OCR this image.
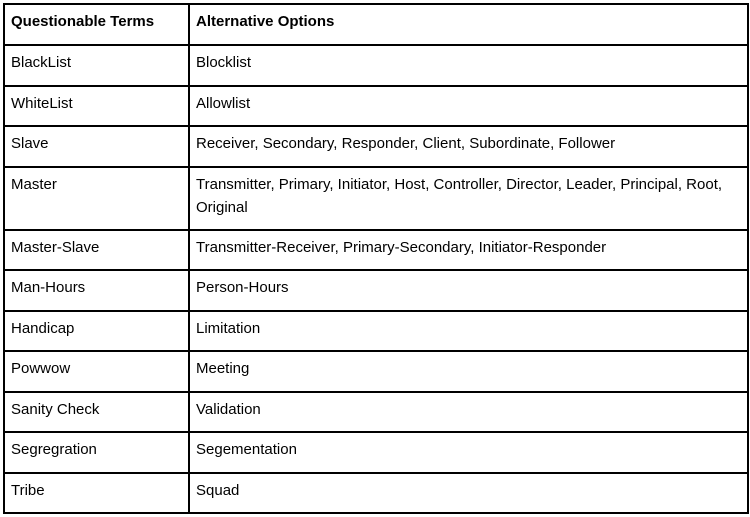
Questionable Terms	Alternative Options
BlackList	Blocklist
WhiteList	Allowlist
Slave	Receiver, Secondary, Responder, Client, Subordinate, Follower
Master	Transmitter, Primary, Initiator, Host, Controller, Director, Leader, Principal, Root, Original
Master-Slave	Transmitter-Receiver, Primary-Secondary, Initiator-Responder
Man-Hours	Person-Hours
Handicap	Limitation
Powwow	Meeting
Sanity Check	Validation
Segregration	Segementation
Tribe	Squad
